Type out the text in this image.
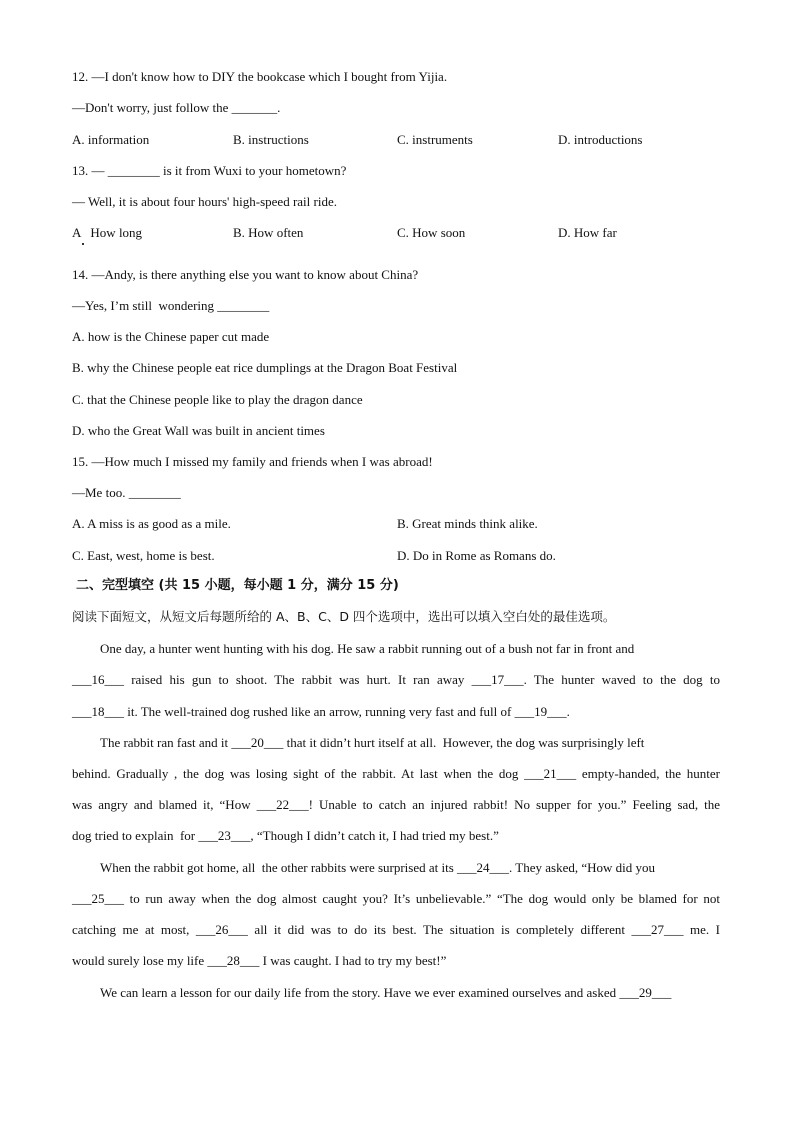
12. —I don't know how to DIY the bookcase which I bought from Yijia.
—Don't worry, just follow the _______.
A. information	B. instructions	C. instruments	D. introductions
13. — ________ is it from Wuxi to your hometown?
— Well, it is about four hours' high-speed rail ride.
A   How long	B. How often	C. How soon	D. How far
14. —Andy, is there anything else you want to know about China?
—Yes, I’m still  wondering ________
A. how is the Chinese paper cut made
B. why the Chinese people eat rice dumplings at the Dragon Boat Festival
C. that the Chinese people like to play the dragon dance
D. who the Great Wall was built in ancient times
15. —How much I missed my family and friends when I was abroad!
—Me too. ________
A. A miss is as good as a mile.	B. Great minds think alike.
C. East, west, home is best.	D. Do in Rome as Romans do.
二、完型填空 (共 15 小题，每小题 1 分，满分 15 分)
阅读下面短文，从短文后每题所给的 A、B、C、D 四个选项中，选出可以填入空白处的最佳选项。
One day, a hunter went hunting with his dog. He saw a rabbit running out of a bush not far in front and
___16___ raised his gun to shoot. The rabbit was hurt. It ran away ___17___. The hunter waved to the dog to
___18___ it. The well-trained dog rushed like an arrow, running very fast and full of ___19___.
The rabbit ran fast and it ___20___ that it didn’t hurt itself at all.  However, the dog was surprisingly left
behind. Gradually , the dog was losing sight of the rabbit. At last when the dog ___21___ empty-handed, the hunter
was angry and blamed it, “How ___22___! Unable to catch an injured rabbit! No supper for you.” Feeling sad, the
dog tried to explain  for ___23___, “Though I didn’t catch it, I had tried my best.”
When the rabbit got home, all  the other rabbits were surprised at its ___24___. They asked, “How did you
___25___ to run away when the dog almost caught you? It’s unbelievable.” “The dog would only be blamed for not
catching me at most, ___26___ all it did was to do its best. The situation is completely different ___27___ me. I
would surely lose my life ___28___ I was caught. I had to try my best!”
We can learn a lesson for our daily life from the story. Have we ever examined ourselves and asked ___29___
